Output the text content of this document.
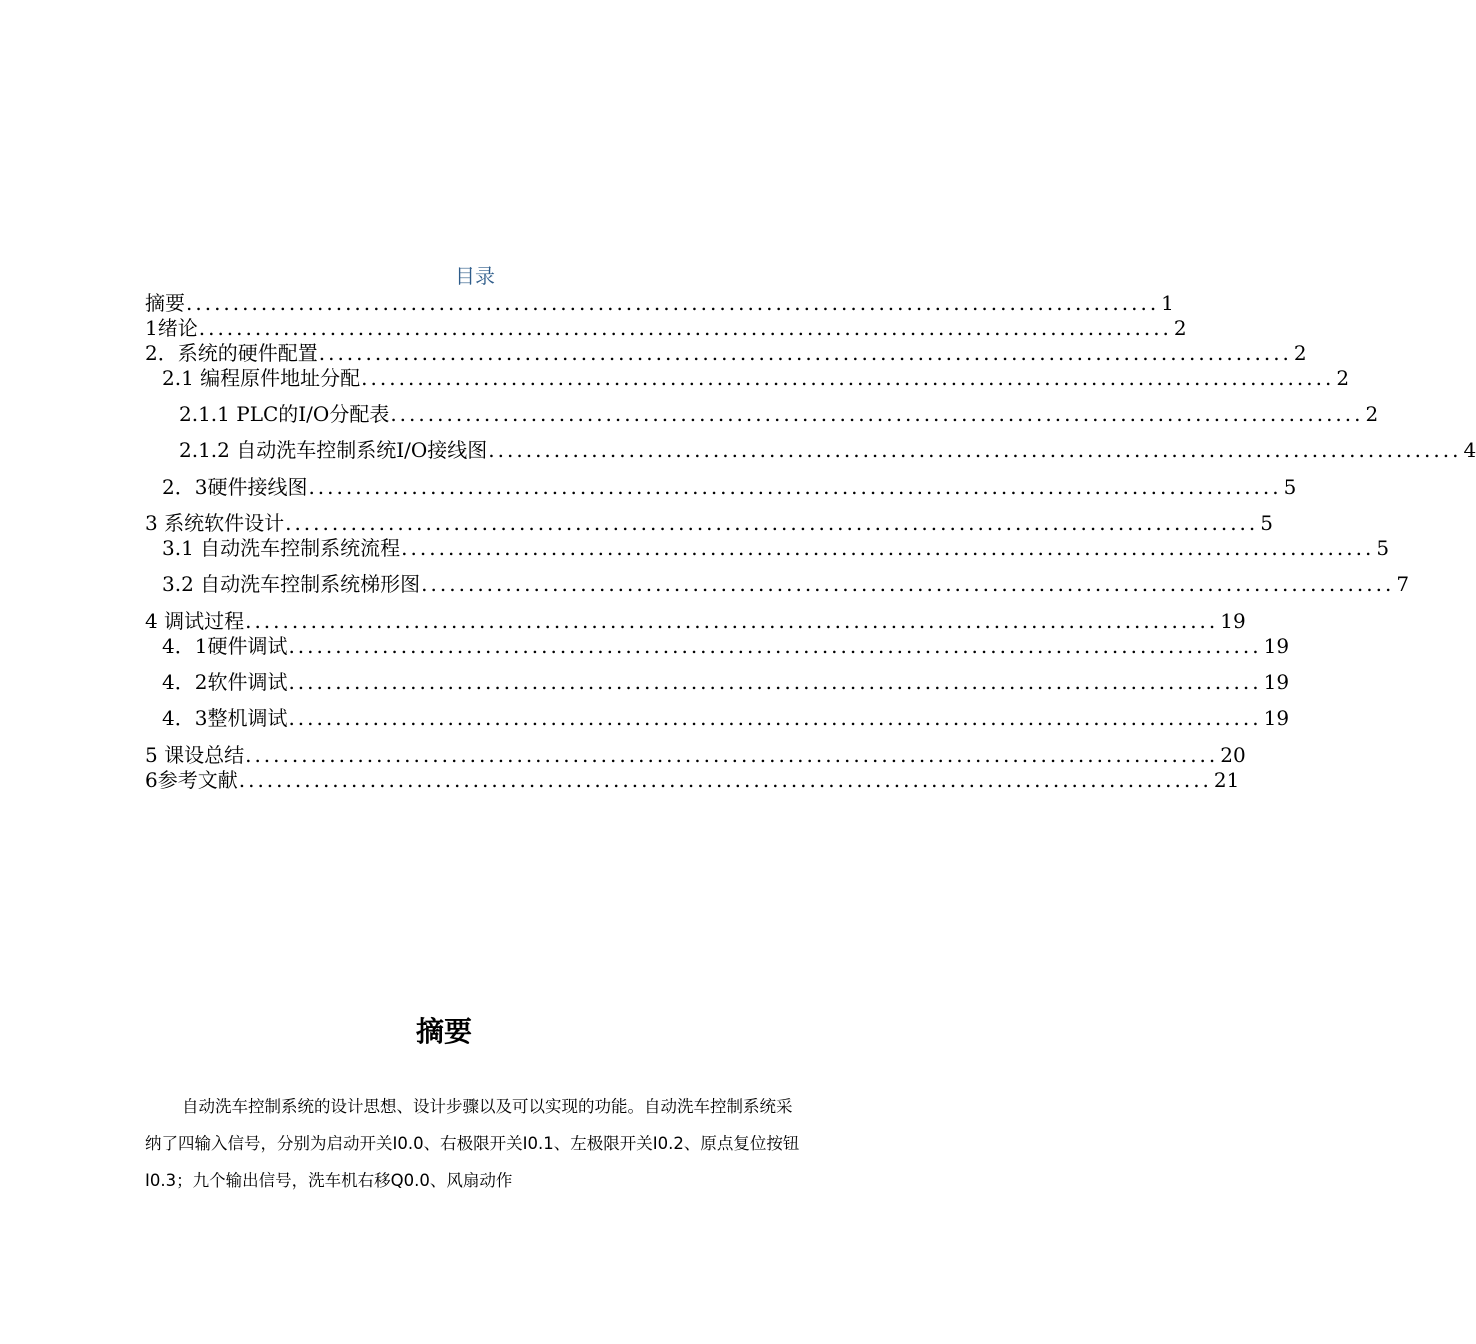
目录
摘要 ........................................................................................................ 1
1绪论 ........................................................................................................ 2
2．系统的硬件配置 ........................................................................................................ 2
2.1 编程原件地址分配 ........................................................................................................ 2
2.1.1 PLC的I/O分配表 ........................................................................................................ 2
2.1.2 自动洗车控制系统I/O接线图 ........................................................................................................ 4
2．3硬件接线图 ........................................................................................................ 5
3 系统软件设计 ........................................................................................................ 5
3.1 自动洗车控制系统流程 ........................................................................................................ 5
3.2 自动洗车控制系统梯形图 ........................................................................................................ 7
4 调试过程 ........................................................................................................ 19
4．1硬件调试 ........................................................................................................ 19
4．2软件调试 ........................................................................................................ 19
4．3整机调试 ........................................................................................................ 19
5 课设总结 ........................................................................................................ 20
6参考文献 ........................................................................................................ 21
摘要
自动洗车控制系统的设计思想、设计步骤以及可以实现的功能。自动洗车控制系统采纳了四输入信号，分别为启动开关I0.0、右极限开关I0.1、左极限开关I0.2、原点复位按钮I0.3；九个输出信号，洗车机右移Q0.0、风扇动作
